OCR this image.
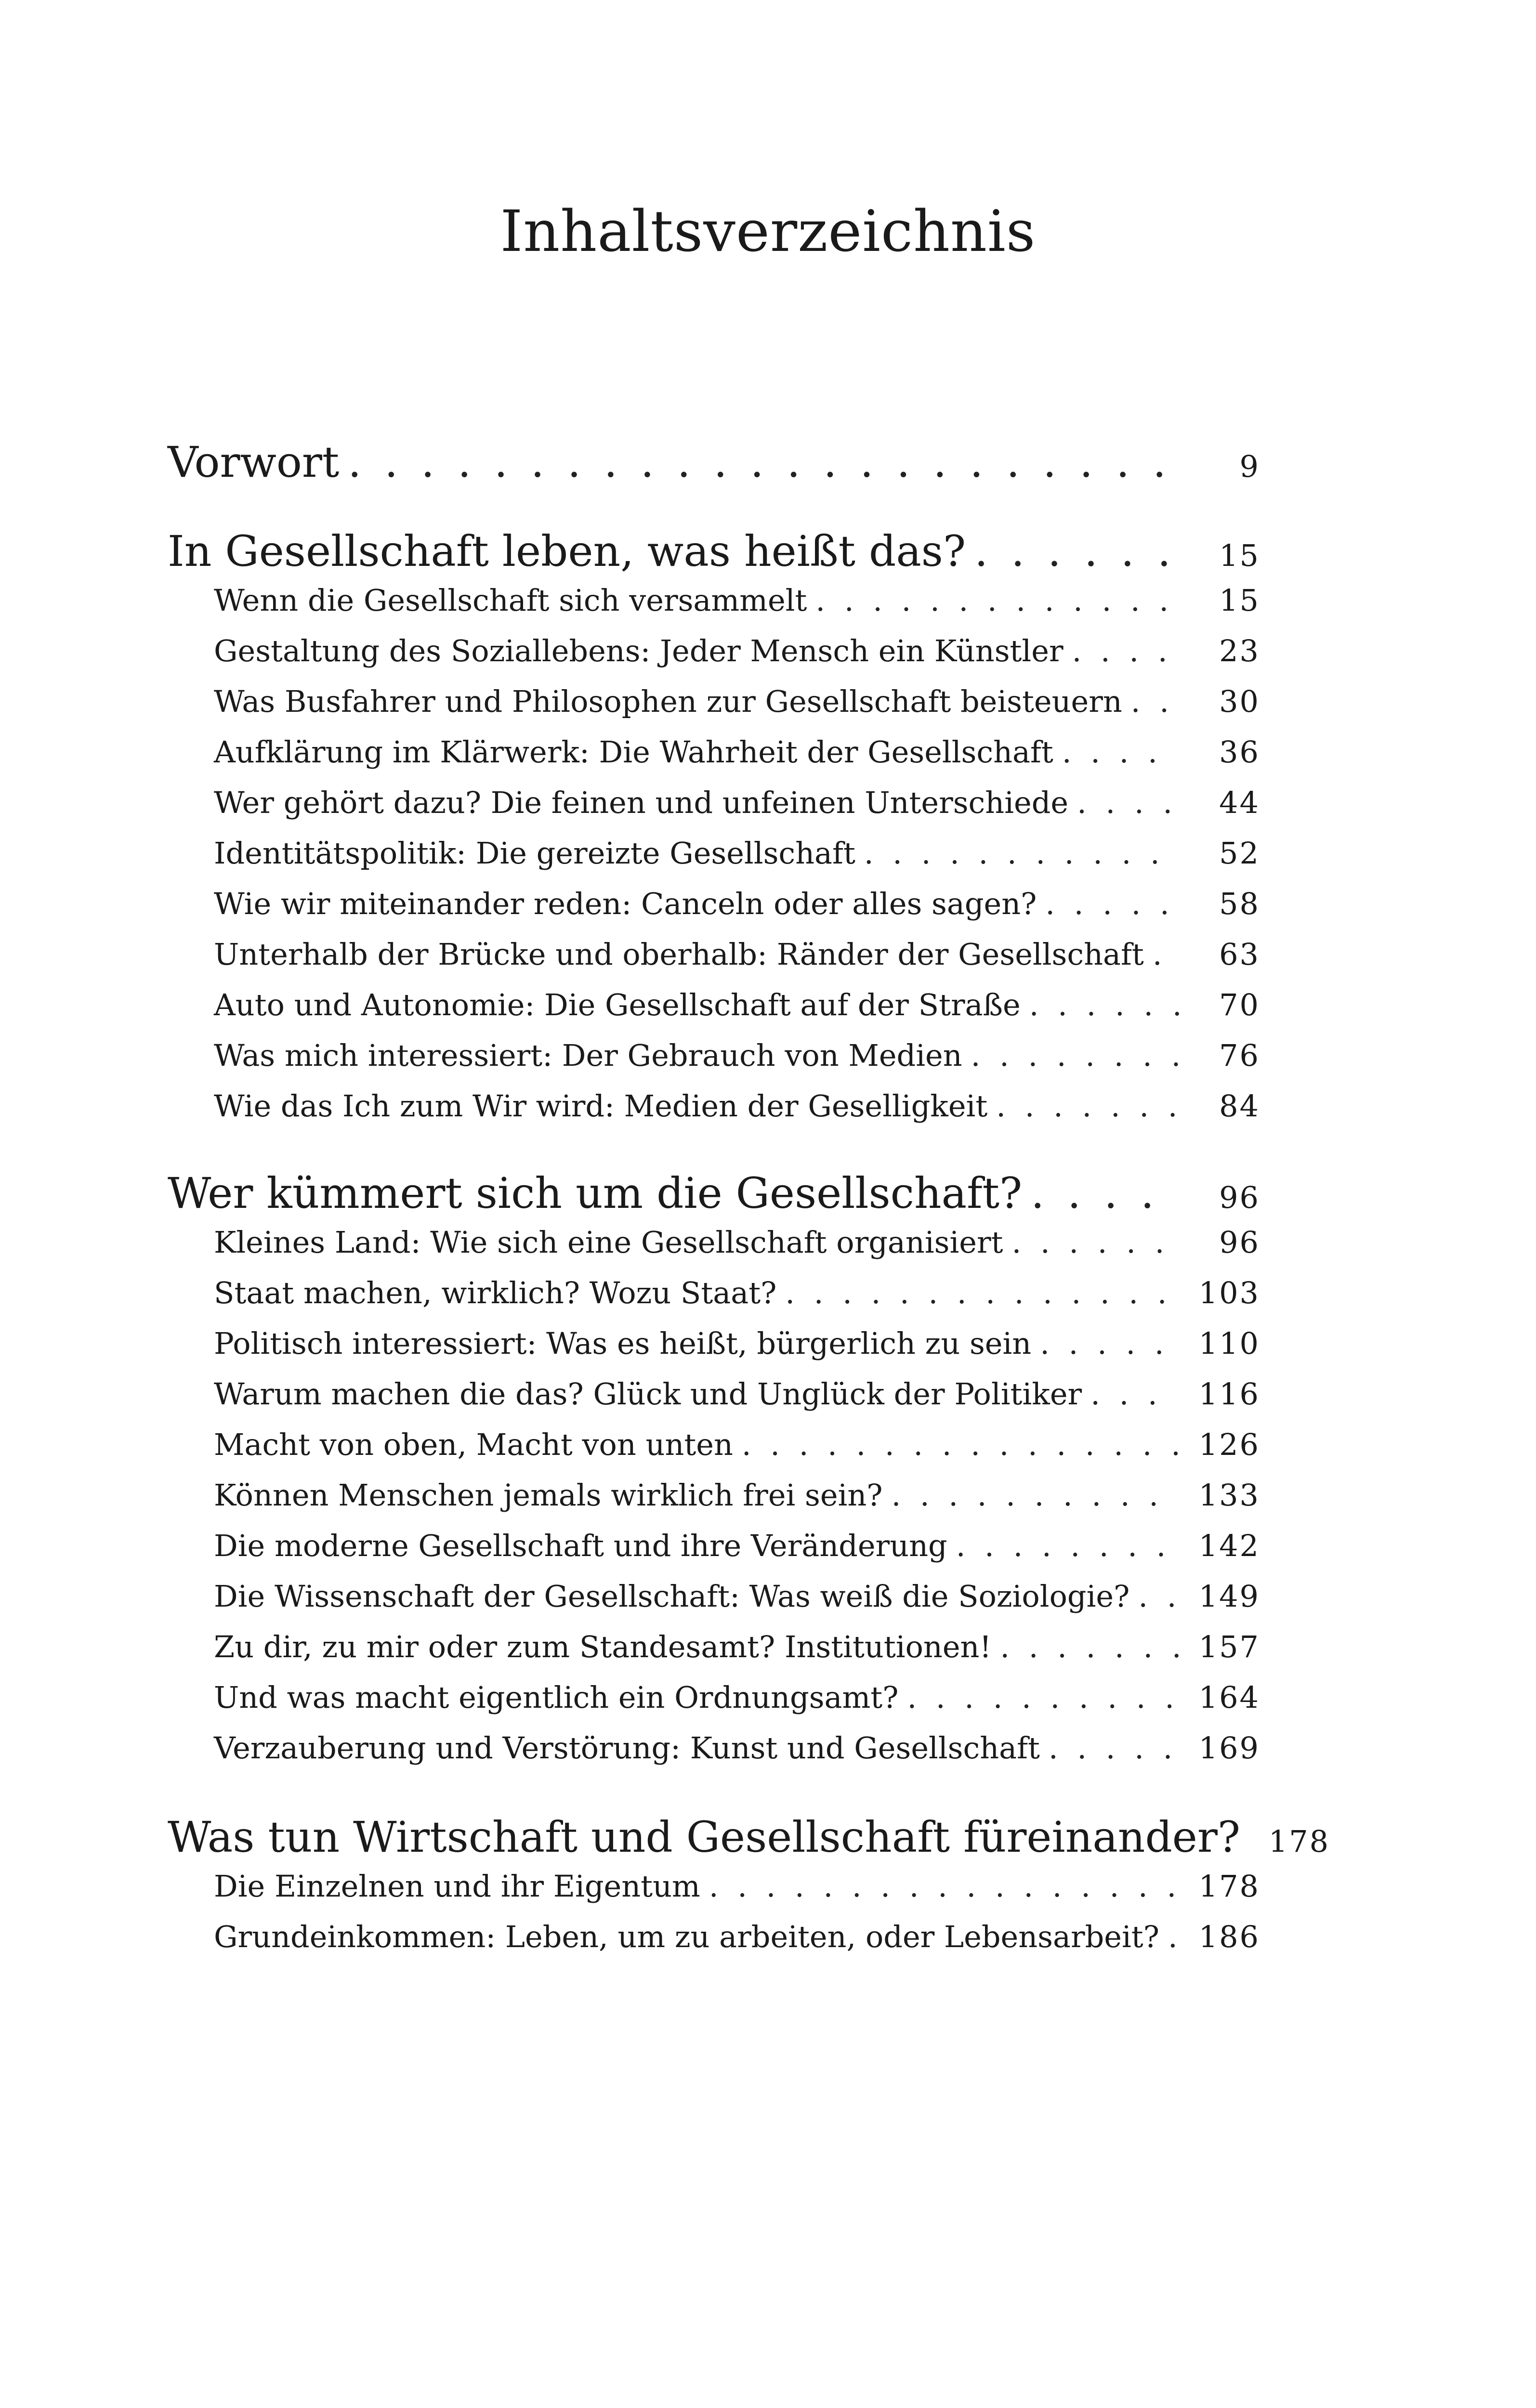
Inhaltsverzeichnis
Vorwort . . .	9
In Gesellschaft leben, was heißt das? . . .	15
Wenn die Gesellschaft sich versammelt . . .	15
Gestaltung des Soziallebens: Jeder Mensch ein Künstler . . .	23
Was Busfahrer und Philosophen zur Gesellschaft beisteuern . . .	30
Aufklärung im Klärwerk: Die Wahrheit der Gesellschaft . . .	36
Wer gehört dazu? Die feinen und unfeinen Unterschiede . . .	44
Identitätspolitik: Die gereizte Gesellschaft . . .	52
Wie wir miteinander reden: Canceln oder alles sagen? . . .	58
Unterhalb der Brücke und oberhalb: Ränder der Gesellschaft . . .	63
Auto und Autonomie: Die Gesellschaft auf der Straße . . .	70
Was mich interessiert: Der Gebrauch von Medien . . .	76
Wie das Ich zum Wir wird: Medien der Geselligkeit . . .	84
Wer kümmert sich um die Gesellschaft? . . .	96
Kleines Land: Wie sich eine Gesellschaft organisiert . . .	96
Staat machen, wirklich? Wozu Staat? . . .	103
Politisch interessiert: Was es heißt, bürgerlich zu sein . . .	110
Warum machen die das? Glück und Unglück der Politiker . . .	116
Macht von oben, Macht von unten . . .	126
Können Menschen jemals wirklich frei sein? . . .	133
Die moderne Gesellschaft und ihre Veränderung . . .	142
Die Wissenschaft der Gesellschaft: Was weiß die Soziologie? . . . 149
Zu dir, zu mir oder zum Standesamt? Institutionen! . . .	157
Und was macht eigentlich ein Ordnungsamt? . . .	164
Verzauberung und Verstörung: Kunst und Gesellschaft . . .	169
Was tun Wirtschaft und Gesellschaft füreinander? 178
Die Einzelnen und ihr Eigentum . . .	178
Grundeinkommen: Leben, um zu arbeiten, oder Lebensarbeit? . . . 186
